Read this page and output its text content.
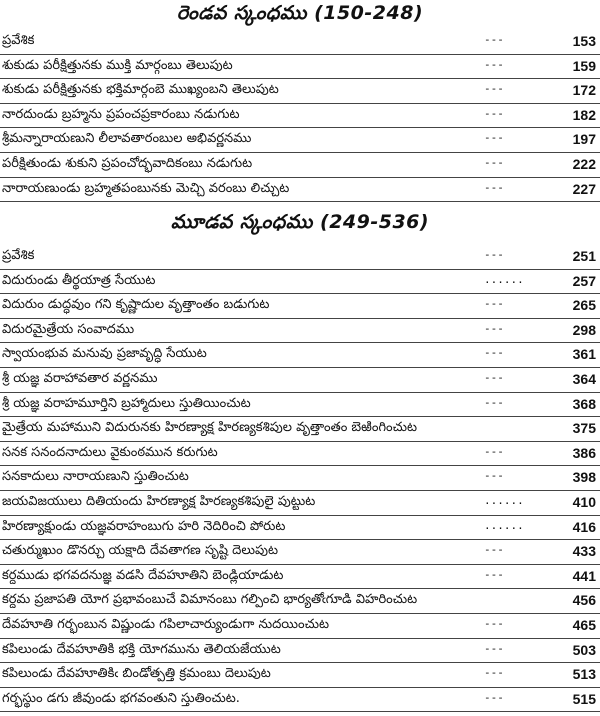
రెండవ స్కంధము (150-248)
ప్రవేశిక	---	153
శుకుడు పరీక్షిత్తునకు ముక్తి మార్గంబు తెలుపుట	---	159
శుకుడు పరీక్షిత్తునకు భక్తిమార్గంబె ముఖ్యంబని తెలుపుట	---	172
నారదుండు బ్రహ్మను ప్రపంచప్రకారంబు నడుగుట	---	182
శ్రీమన్నారాయణుని లీలావతారంబుల అభివర్ణనము	---	197
పరీక్షితుండు శుకుని ప్రపంచోద్భవాదికంబు నడుగుట	---	222
నారాయణుండు బ్రహ్మతపంబునకు మెచ్చి వరంబు లిచ్చుట	---	227
మూడవ స్కంధము (249-536)
ప్రవేశిక	---	251
విదురుండు తీర్థయాత్ర సేయుట	......	257
విదురుం డుద్ధవుం గని కృష్ణాదుల వృత్తాంతం బడుగుట	---	265
విదురమైత్రేయ సంవాదము	---	298
స్వాయంభువ మనువు ప్రజావృద్ధి సేయుట	---	361
శ్రీ యజ్ఞ వరాహావతార వర్ణనము	---	364
శ్రీ యజ్ఞ వరాహమూర్తిని బ్రహ్మాదులు స్తుతియించుట	---	368
మైత్రేయ మహాముని విదురునకు హిరణ్యాక్ష హిరణ్యకశిపుల వృత్తాంతం బెఱింగించుట	375
సనక సనందనాదులు వైకుంఠమున కరుగుట	---	386
సనకాదులు నారాయణుని స్తుతించుట	---	398
జయవిజయులు దితియందు హిరణ్యాక్ష హిరణ్యకశిపులై పుట్టుట	......	410
హిరణ్యాక్షుండు యజ్ఞవరాహంబుగు హరి నెదిరించి పోరుట	......	416
చతుర్ముఖుం డొనర్చు యక్షాది దేవతాగణ సృష్టి దెలుపుట	---	433
కర్దముడు భగవదనుజ్ఞ వడసి దేవహూతిని బెండ్లియాడుట	---	441
కర్దమ ప్రజాపతి యోగ ప్రభావంబుచే విమానంబు గల్పించి భార్యతోఁగూడి విహరించుట	456
దేవహూతి గర్భంబున విష్ణుండు గపిలాచార్యుండుగా నుదయించుట	---	465
కపిలుండు దేవహూతికి భక్తి యోగమును తెలియజేయుట	---	503
కపిలుండు దేవహూతికిఁ బిండోత్పత్తి క్రమంబు దెలుపుట	---	513
గర్భస్థుం డగు జీవుండు భగవంతుని స్తుతించుట.	---	515
